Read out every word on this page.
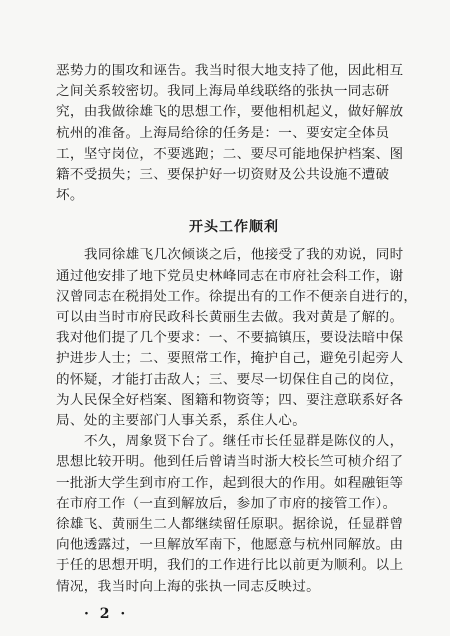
恶势力的围攻和诬告。我当时很大地支持了他，因此相互
之间关系较密切。我同上海局单线联络的张执一同志研
究，由我做徐雄飞的思想工作，要他相机起义，做好解放
杭州的准备。上海局给徐的任务是：一、要安定全体员
工，坚守岗位，不要逃跑；二、要尽可能地保护档案、图
籍不受损失；三、要保护好一切资财及公共设施不遭破
坏。
开头工作顺利
我同徐雄飞几次倾谈之后，他接受了我的劝说，同时
通过他安排了地下党员史林峰同志在市府社会科工作，谢
汉曾同志在税捐处工作。徐提出有的工作不便亲自进行的，
可以由当时市府民政科长黄丽生去做。我对黄是了解的。
我对他们提了几个要求：一、不要搞镇压，要设法暗中保
护进步人士；二、要照常工作，掩护自己，避免引起旁人
的怀疑，才能打击敌人；三、要尽一切保住自己的岗位，
为人民保全好档案、图籍和物资等；四、要注意联系好各
局、处的主要部门人事关系，系住人心。
不久，周象贤下台了。继任市长任显群是陈仪的人，
思想比较开明。他到任后曾请当时浙大校长竺可桢介绍了
一批浙大学生到市府工作，起到很大的作用。如程融钜等
在市府工作（一直到解放后，参加了市府的接管工作）。
徐雄飞、黄丽生二人都继续留任原职。据徐说，任显群曾
向他透露过，一旦解放军南下，他愿意与杭州同解放。由
于任的思想开明，我们的工作进行比以前更为顺利。以上
情况，我当时向上海的张执一同志反映过。
· 2 ·
